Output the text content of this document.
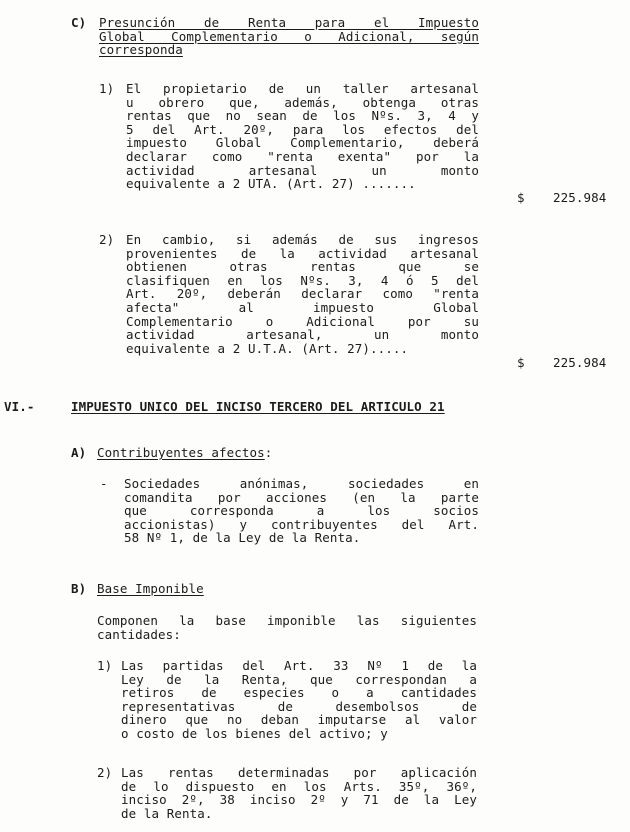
C) Presunción de Renta para el Impuesto
Global Complementario o Adicional, según
corresponda
1) El propietario de un taller artesanal
u obrero que, además, obtenga otras
rentas que no sean de los Nºs. 3, 4 y
5 del Art. 20º, para los efectos del
impuesto Global Complementario, deberá
declarar como "renta exenta" por la
actividad artesanal un monto
equivalente a 2 UTA. (Art. 27) .......
$ 225.984
2) En cambio, si además de sus ingresos
provenientes de la actividad artesanal
obtienen otras rentas que se
clasifiquen en los Nºs. 3, 4 ó 5 del
Art. 20º, deberán declarar como "renta
afecta" al impuesto Global
Complementario o Adicional por su
actividad artesanal, un monto
equivalente a 2 U.T.A. (Art. 27).....
$ 225.984
VI.-	IMPUESTO UNICO DEL INCISO TERCERO DEL ARTICULO 21
A) Contribuyentes afectos:
- Sociedades anónimas, sociedades en
comandita por acciones (en la parte
que corresponda a los socios
accionistas) y contribuyentes del Art.
58 Nº 1, de la Ley de la Renta.
B) Base Imponible
Componen la base imponible las siguientes
cantidades:
1) Las partidas del Art. 33 Nº 1 de la
Ley de la Renta, que correspondan a
retiros de especies o a cantidades
representativas de desembolsos de
dinero que no deban imputarse al valor
o costo de los bienes del activo; y
2) Las rentas determinadas por aplicación
de lo dispuesto en los Arts. 35º, 36º,
inciso 2º, 38 inciso 2º y 71 de la Ley
de la Renta.
